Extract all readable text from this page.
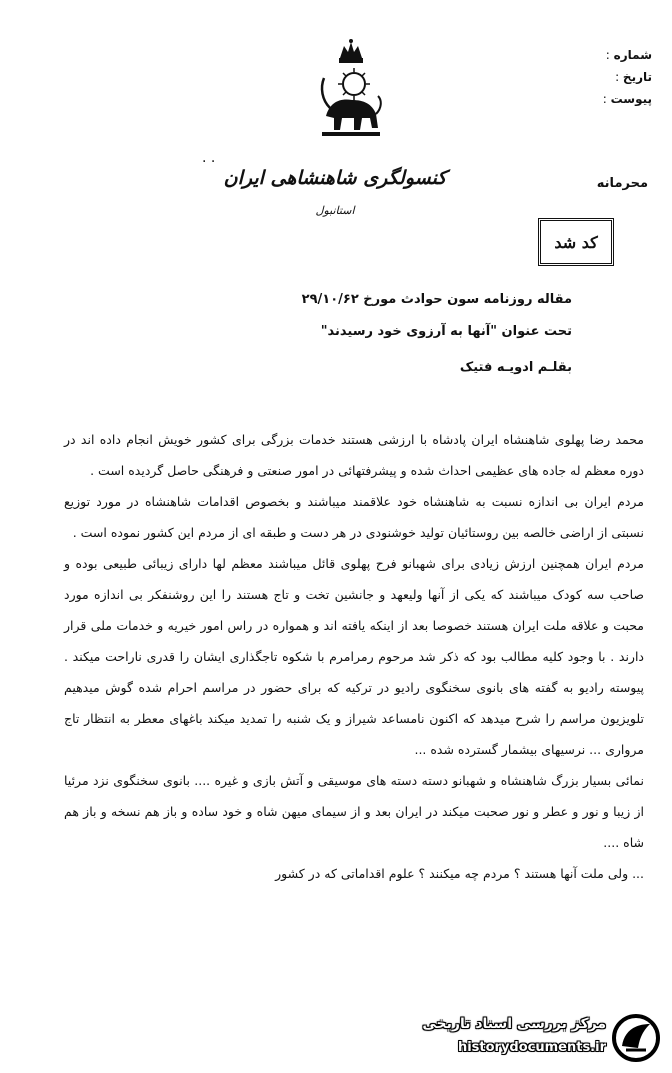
. .
شماره :
تاریخ :
پیوست :
کنسولگری شاهنشاهی ایران
استانبول
محرمانه
کد شد
مقاله روزنامه سون حوادث مورخ ۲۹/۱۰/۶۲
تحت عنوان "آنها به آرزوی خود رسیدند"
بقلـم ادویـه فتیک

محمد رضا پهلوی شاهنشاه ایران پادشاه با ارزشی هستند خدمات بزرگی برای کشور خویش انجام داده اند در دوره معظم له جاده های عظیمی احداث شده و پیشرفتهائی در امور صنعتی و فرهنگی حاصل گردیده است .

مردم ایران بی اندازه نسبت به شاهنشاه خود علاقمند میباشند و بخصوص اقدامات شاهنشاه در مورد توزیع نسبتی از اراضی خالصه بین روستائیان تولید خوشنودی در هر دست و طبقه ای از مردم این کشور نموده است .

مردم ایران همچنین ارزش زیادی برای شهبانو فرح پهلوی قائل میباشند معظم لها دارای زیبائی طبیعی بوده و صاحب سه کودک میباشند که یکی از آنها ولیعهد و جانشین تخت و تاج هستند را این روشنفکر بی اندازه مورد محبت و علاقه ملت ایران هستند خصوصا بعد از اینکه یافته اند و همواره در راس امور خیریه و خدمات ملی قرار دارند . با وجود کلیه مطالب بود که ذکر شد مرحوم رمرامرم با شکوه تاجگذاری ایشان را قدری ناراحت میکند . پیوسته رادیو به گفته های بانوی سخنگوی رادیو در ترکیه که برای حضور در مراسم احرام شده گوش میدهیم تلویزیون مراسم را شرح میدهد که اکنون نامساعد شیراز و یک شنبه را تمدید میکند باغهای معطر به انتظار تاج مرواری ... نرسیهای بیشمار گسترده شده ...

نمائی بسیار بزرگ شاهنشاه و شهبانو دسته دسته های موسیقی و آتش بازی و غیره .... بانوی سخنگوی نزد مرئیا از زیبا و نور و عطر و نور صحبت میکند در ایران بعد و از سیمای میهن شاه و خود ساده و باز هم نسخه و باز هم شاه ....

... ولی ملت آنها هستند ؟ مردم چه میکنند ؟ علوم اقداماتی که در کشور

مرکز بررسی اسناد تاریخی
historydocuments.ir
